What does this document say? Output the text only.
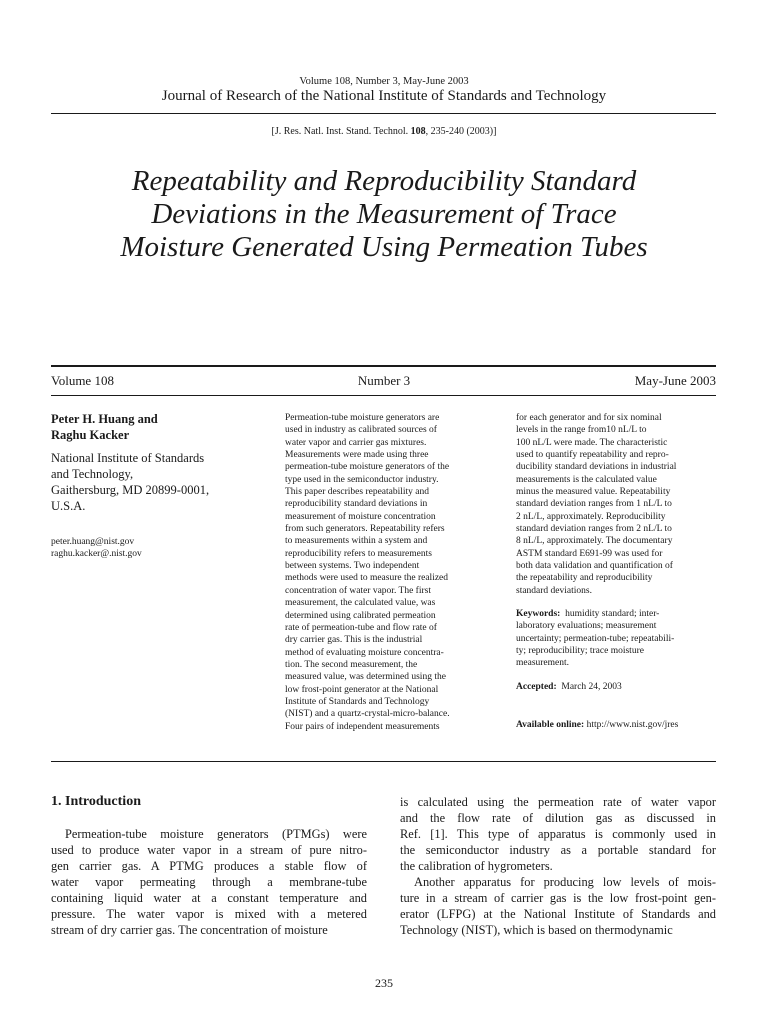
Volume 108, Number 3, May-June 2003
Journal of Research of the National Institute of Standards and Technology
[J. Res. Natl. Inst. Stand. Technol. 108, 235-240 (2003)]
Repeatability and Reproducibility Standard
Deviations in the Measurement of Trace
Moisture Generated Using Permeation Tubes
Volume 108	Number 3	May-June 2003
Peter H. Huang and
Raghu Kacker
National Institute of Standards
and Technology,
Gaithersburg, MD 20899-0001,
U.S.A.
peter.huang@nist.gov
raghu.kacker@.nist.gov
Permeation-tube moisture generators are
used in industry as calibrated sources of
water vapor and carrier gas mixtures.
Measurements were made using three
permeation-tube moisture generators of the
type used in the semiconductor industry.
This paper describes repeatability and
reproducibility standard deviations in
measurement of moisture concentration
from such generators. Repeatability refers
to measurements within a system and
reproducibility refers to measurements
between systems. Two independent
methods were used to measure the realized
concentration of water vapor. The first
measurement, the calculated value, was
determined using calibrated permeation
rate of permeation-tube and flow rate of
dry carrier gas. This is the industrial
method of evaluating moisture concentra-
tion. The second measurement, the
measured value, was determined using the
low frost-point generator at the National
Institute of Standards and Technology
(NIST) and a quartz-crystal-micro-balance.
Four pairs of independent measurements
for each generator and for six nominal
levels in the range from10 nL/L to
100 nL/L were made. The characteristic
used to quantify repeatability and repro-
ducibility standard deviations in industrial
measurements is the calculated value
minus the measured value. Repeatability
standard deviation ranges from 1 nL/L to
2 nL/L, approximately. Reproducibility
standard deviation ranges from 2 nL/L to
8 nL/L, approximately. The documentary
ASTM standard E691-99 was used for
both data validation and quantification of
the repeatability and reproducibility
standard deviations.
Keywords: humidity standard; inter-
laboratory evaluations; measurement
uncertainty; permeation-tube; repeatabili-
ty; reproducibility; trace moisture
measurement.
Accepted: March 24, 2003
Available online: http://www.nist.gov/jres
1. Introduction

Permeation-tube moisture generators (PTMGs) were

used to produce water vapor in a stream of pure nitro-

gen carrier gas. A PTMG produces a stable flow of

water vapor permeating through a membrane-tube

containing liquid water at a constant temperature and

pressure. The water vapor is mixed with a metered

stream of dry carrier gas. The concentration of moisture

is calculated using the permeation rate of water vapor

and the flow rate of dilution gas as discussed in

Ref. [1]. This type of apparatus is commonly used in

the semiconductor industry as a portable standard for

the calibration of hygrometers.

Another apparatus for producing low levels of mois-

ture in a stream of carrier gas is the low frost-point gen-

erator (LFPG) at the National Institute of Standards and

Technology (NIST), which is based on thermodynamic

235
